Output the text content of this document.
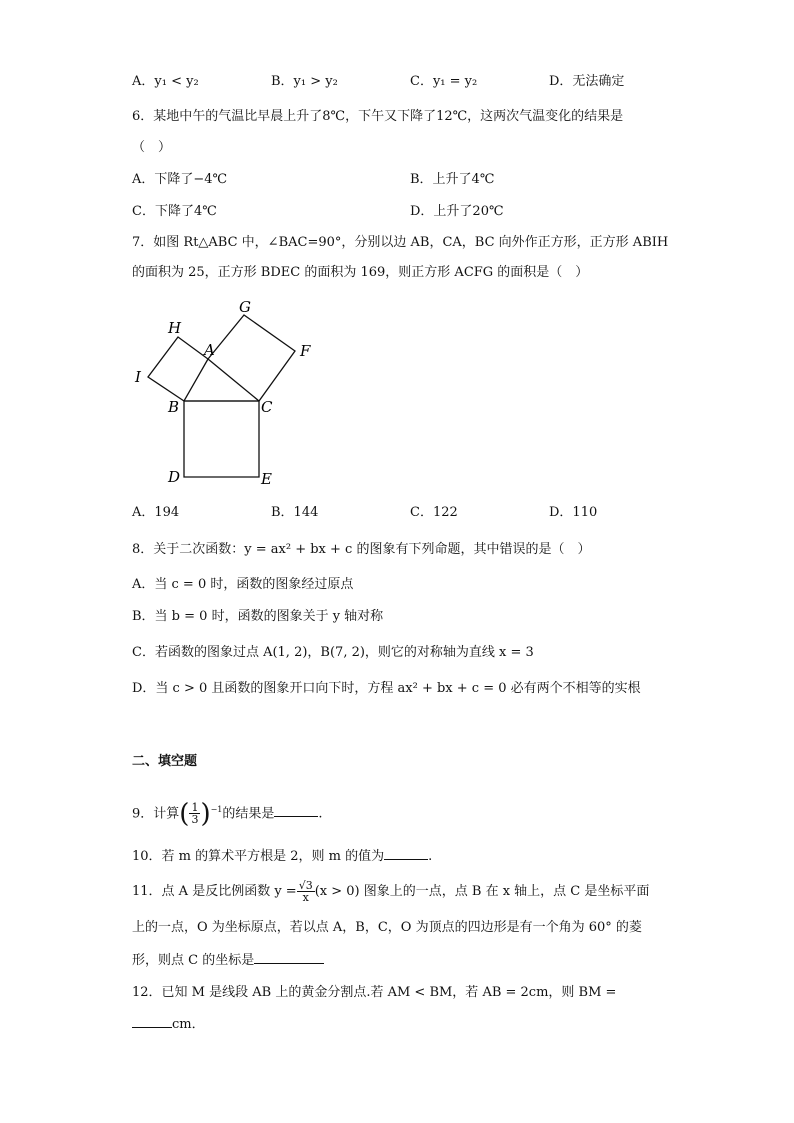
A．y₁ < y₂	B．y₁ > y₂	C．y₁ = y₂	D．无法确定
6．某地中午的气温比早晨上升了8℃，下午又下降了12℃，这两次气温变化的结果是
（　）
A．下降了−4℃	B．上升了4℃
C．下降了4℃	D．上升了20℃
7．如图 Rt△ABC 中，∠BAC=90°，分别以边 AB，CA，BC 向外作正方形，正方形 ABIH
的面积为 25，正方形 BDEC 的面积为 169，则正方形 ACFG 的面积是（　）
G
H
A	F
I
B	C
D	E
A．194	B．144	C．122	D．110
8．关于二次函数：y = ax² + bx + c 的图象有下列命题，其中错误的是（　）
A．当 c = 0 时，函数的图象经过原点
B．当 b = 0 时，函数的图象关于 y 轴对称
C．若函数的图象过点 A(1, 2)，B(7, 2)，则它的对称轴为直线 x = 3
D．当 c > 0 且函数的图象开口向下时，方程 ax² + bx + c = 0 必有两个不相等的实根
二、填空题
9．计算( $\frac{1}{3} )^{-1}$的结果是	.
10．若 m 的算术平方根是 2，则 m 的值为	.
11．点 A 是反比例函数 $y = \frac{√3}{x} (x > 0)$ 图象上的一点，点 B 在 x 轴上，点 C 是坐标平面
上的一点，O 为坐标原点，若以点 A，B，C，O 为顶点的四边形是有一个角为 60° 的菱
形，则点 C 的坐标是
12．已知 M 是线段 AB 上的黄金分割点.若 AM < BM，若 AB = 2cm，则 BM =
cm．
